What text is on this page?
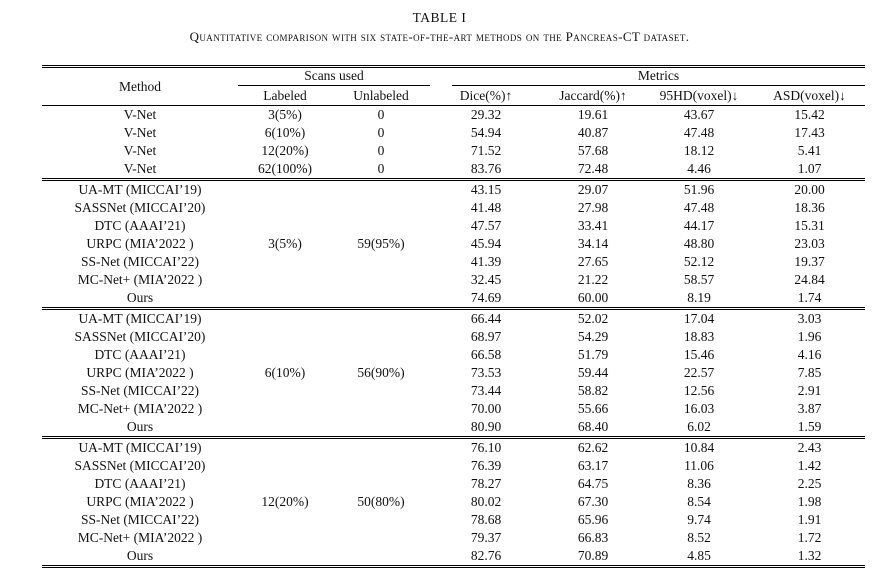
TABLE I
Quantitative comparison with six state-of-the-art methods on the Pancreas-CT dataset.
Method	Scans used		Metrics			

	Labeled	Unlabeled	Dice(%)↑	Jaccard(%)↑	95HD(voxel)↓	ASD(voxel)↓
V-Net	3(5%)	0	29.32	19.61	43.67	15.42
V-Net	6(10%)	0	54.94	40.87	47.48	17.43
V-Net	12(20%)	0	71.52	57.68	18.12	5.41
V-Net	62(100%)	0	83.76	72.48	4.46	1.07
UA-MT (MICCAI’19)			43.15	29.07	51.96	20.00
SASSNet (MICCAI’20)			41.48	27.98	47.48	18.36
DTC (AAAI’21)			47.57	33.41	44.17	15.31
URPC (MIA’2022 )	3(5%)	59(95%)	45.94	34.14	48.80	23.03
SS-Net (MICCAI’22)			41.39	27.65	52.12	19.37
MC-Net+ (MIA’2022 )			32.45	21.22	58.57	24.84
Ours			74.69	60.00	8.19	1.74
UA-MT (MICCAI’19)			66.44	52.02	17.04	3.03
SASSNet (MICCAI’20)			68.97	54.29	18.83	1.96
DTC (AAAI’21)			66.58	51.79	15.46	4.16
URPC (MIA’2022 )	6(10%)	56(90%)	73.53	59.44	22.57	7.85
SS-Net (MICCAI’22)			73.44	58.82	12.56	2.91
MC-Net+ (MIA’2022 )			70.00	55.66	16.03	3.87
Ours			80.90	68.40	6.02	1.59
UA-MT (MICCAI’19)			76.10	62.62	10.84	2.43
SASSNet (MICCAI’20)			76.39	63.17	11.06	1.42
DTC (AAAI’21)			78.27	64.75	8.36	2.25
URPC (MIA’2022 )	12(20%)	50(80%)	80.02	67.30	8.54	1.98
SS-Net (MICCAI’22)			78.68	65.96	9.74	1.91
MC-Net+ (MIA’2022 )			79.37	66.83	8.52	1.72
Ours			82.76	70.89	4.85	1.32
